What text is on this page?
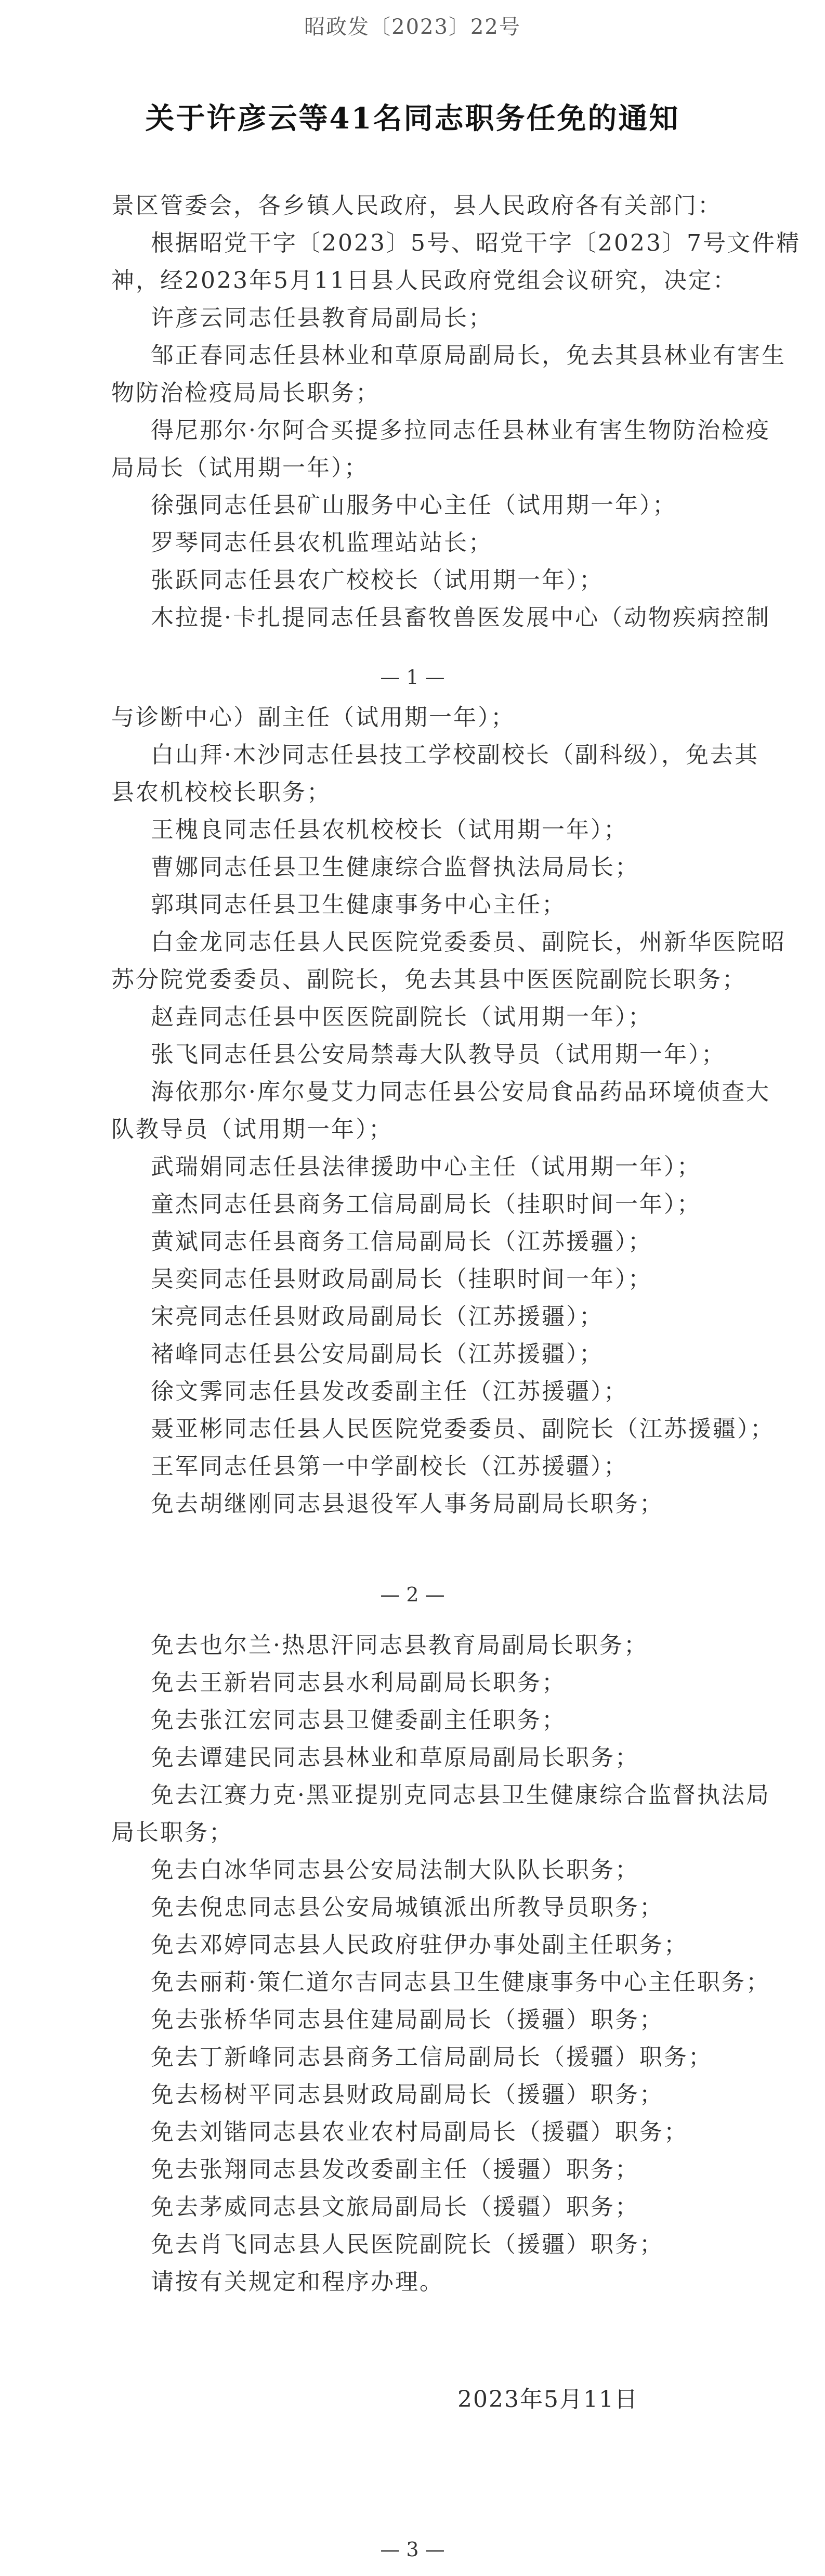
昭政发〔2023〕22号
关于许彦云等41名同志职务任免的通知
景区管委会，各乡镇人民政府，县人民政府各有关部门：
根据昭党干字〔2023〕5号、昭党干字〔2023〕7号文件精
神，经2023年5月11日县人民政府党组会议研究，决定：
许彦云同志任县教育局副局长；
邹正春同志任县林业和草原局副局长，免去其县林业有害生
物防治检疫局局长职务；
得尼那尔·尔阿合买提多拉同志任县林业有害生物防治检疫
局局长（试用期一年）；
徐强同志任县矿山服务中心主任（试用期一年）；
罗琴同志任县农机监理站站长；
张跃同志任县农广校校长（试用期一年）；
木拉提·卡扎提同志任县畜牧兽医发展中心（动物疾病控制
与诊断中心）副主任（试用期一年）；
白山拜·木沙同志任县技工学校副校长（副科级），免去其
县农机校校长职务；
王槐良同志任县农机校校长（试用期一年）；
曹娜同志任县卫生健康综合监督执法局局长；
郭琪同志任县卫生健康事务中心主任；
白金龙同志任县人民医院党委委员、副院长，州新华医院昭
苏分院党委委员、副院长，免去其县中医医院副院长职务；
赵垚同志任县中医医院副院长（试用期一年）；
张飞同志任县公安局禁毒大队教导员（试用期一年）；
海依那尔·库尔曼艾力同志任县公安局食品药品环境侦查大
队教导员（试用期一年）；
武瑞娟同志任县法律援助中心主任（试用期一年）；
童杰同志任县商务工信局副局长（挂职时间一年）；
黄斌同志任县商务工信局副局长（江苏援疆）；
吴奕同志任县财政局副局长（挂职时间一年）；
宋亮同志任县财政局副局长（江苏援疆）；
褚峰同志任县公安局副局长（江苏援疆）；
徐文霁同志任县发改委副主任（江苏援疆）；
聂亚彬同志任县人民医院党委委员、副院长（江苏援疆）；
王军同志任县第一中学副校长（江苏援疆）；
免去胡继刚同志县退役军人事务局副局长职务；
免去也尔兰·热思汗同志县教育局副局长职务；
免去王新岩同志县水利局副局长职务；
免去张江宏同志县卫健委副主任职务；
免去谭建民同志县林业和草原局副局长职务；
免去江赛力克·黑亚提别克同志县卫生健康综合监督执法局
局长职务；
免去白冰华同志县公安局法制大队队长职务；
免去倪忠同志县公安局城镇派出所教导员职务；
免去邓婷同志县人民政府驻伊办事处副主任职务；
免去丽莉·策仁道尔吉同志县卫生健康事务中心主任职务；
免去张桥华同志县住建局副局长（援疆）职务；
免去丁新峰同志县商务工信局副局长（援疆）职务；
免去杨树平同志县财政局副局长（援疆）职务；
免去刘锴同志县农业农村局副局长（援疆）职务；
免去张翔同志县发改委副主任（援疆）职务；
免去茅威同志县文旅局副局长（援疆）职务；
免去肖飞同志县人民医院副院长（援疆）职务；
请按有关规定和程序办理。
— 1 —
— 2 —
— 3 —
2023年5月11日
